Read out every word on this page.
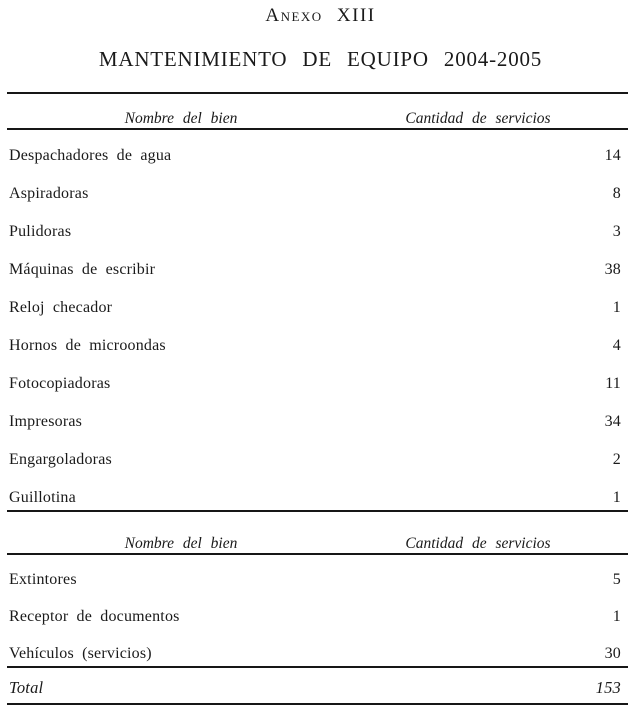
Anexo XIII
MANTENIMIENTO DE EQUIPO 2004-2005
Nombre del bien	Cantidad de servicios
Despachadores de agua	14
Aspiradoras	8
Pulidoras	3
Máquinas de escribir	38
Reloj checador	1
Hornos de microondas	4
Fotocopiadoras	11
Impresoras	34
Engargoladoras	2
Guillotina	1
Nombre del bien	Cantidad de servicios
Extintores	5
Receptor de documentos	1
Vehículos (servicios)	30
Total	153
